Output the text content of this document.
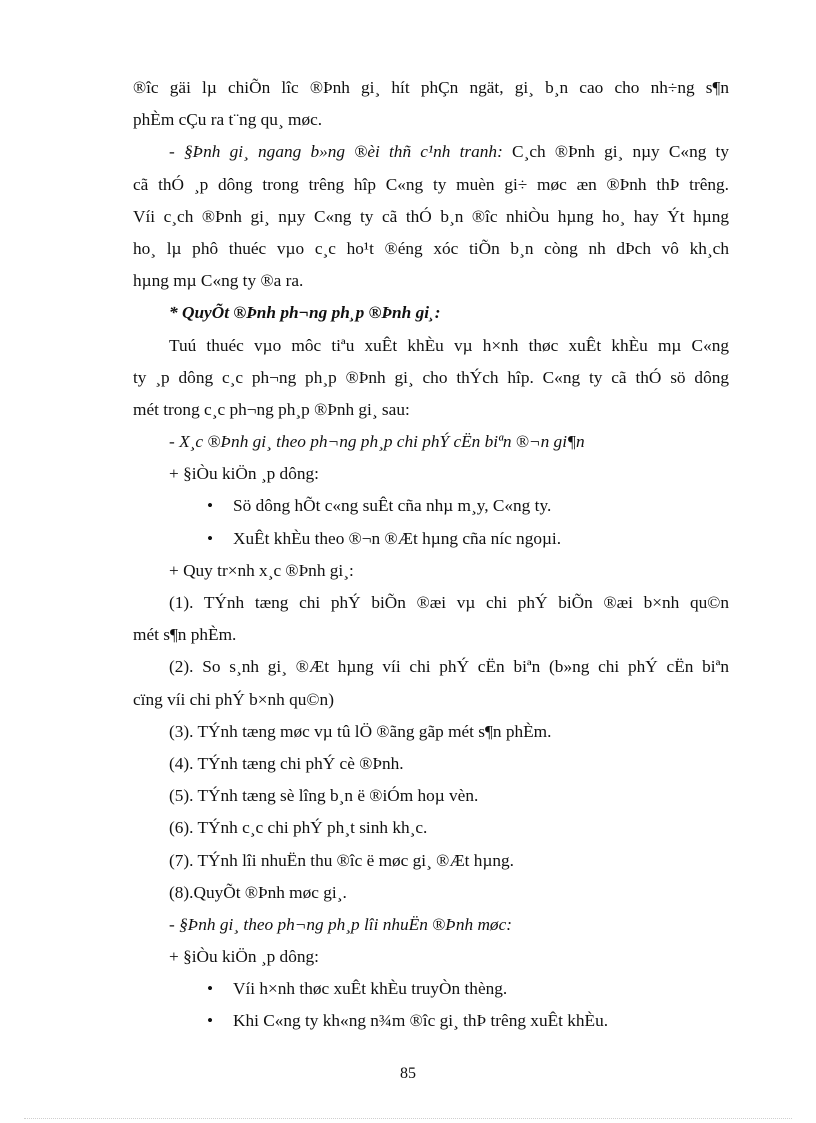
®îc gäi lµ chiÕn lîc ®Þnh gi¸ hít phÇn ngät, gi¸ b¸n cao cho nh÷ng s¶n
phÈm cÇu ra t¨ng qu¸ møc.
- §Þnh gi¸ ngang b»ng ®èi thñ c¹nh tranh: C¸ch ®Þnh gi¸ nµy C«ng ty
cã thÓ ¸p dông trong trêng hîp C«ng ty muèn gi÷ møc æn ®Þnh thÞ trêng.
Víi c¸ch ®Þnh gi¸ nµy C«ng ty cã thÓ b¸n ®îc nhiÒu hµng ho¸ hay Ýt hµng
ho¸ lµ phô thuéc vµo c¸c ho¹t ®éng xóc tiÕn b¸n còng nh dÞch vô kh¸ch
hµng mµ C«ng ty ®a ra.
* QuyÕt ®Þnh ph¬ng ph¸p ®Þnh gi¸:
Tuú thuéc vµo môc tiªu xuÊt khÈu vµ h×nh thøc xuÊt khÈu mµ C«ng
ty ¸p dông c¸c ph¬ng ph¸p ®Þnh gi¸ cho thÝch hîp. C«ng ty cã thÓ sö dông
mét trong c¸c ph¬ng ph¸p ®Þnh gi¸ sau:
- X¸c ®Þnh gi¸ theo ph¬ng ph¸p chi phÝ cËn biªn ®¬n gi¶n
+ §iÒu kiÖn ¸p dông:
• Sö dông hÕt c«ng suÊt cña nhµ m¸y, C«ng ty.
• XuÊt khÈu theo ®¬n ®Æt hµng cña níc ngoµi.
+ Quy tr×nh x¸c ®Þnh gi¸:
(1). TÝnh tæng chi phÝ biÕn ®æi vµ chi phÝ biÕn ®æi b×nh qu©n
mét s¶n phÈm.
(2). So s¸nh gi¸ ®Æt hµng víi chi phÝ cËn biªn (b»ng chi phÝ cËn biªn
cïng víi chi phÝ b×nh qu©n)
(3). TÝnh tæng møc vµ tû lÖ ®ãng gãp mét s¶n phÈm.
(4). TÝnh tæng chi phÝ cè ®Þnh.
(5). TÝnh tæng sè lîng b¸n ë ®iÓm hoµ vèn.
(6). TÝnh c¸c chi phÝ ph¸t sinh kh¸c.
(7). TÝnh lîi nhuËn thu ®îc ë møc gi¸ ®Æt hµng.
(8).QuyÕt ®Þnh møc gi¸.
- §Þnh gi¸ theo ph¬ng ph¸p lîi nhuËn ®Þnh møc:
+ §iÒu kiÖn ¸p dông:
• Víi h×nh thøc xuÊt khÈu truyÒn thèng.
• Khi C«ng ty kh«ng n¾m ®îc gi¸ thÞ trêng xuÊt khÈu.
85
